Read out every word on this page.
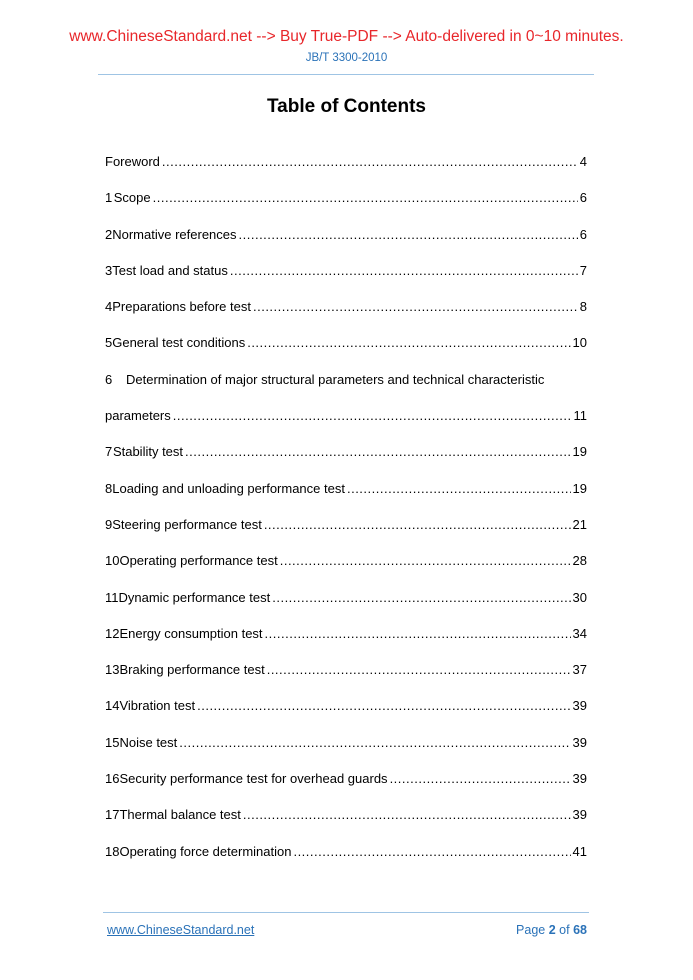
www.ChineseStandard.net --> Buy True-PDF --> Auto-delivered in 0~10 minutes.
JB/T 3300-2010
Table of Contents
Foreword .....	4
1 Scope .....	6
2 Normative references .....	6
3 Test load and status .....	7
4 Preparations before test .....	8
5 General test conditions .....	10
6	Determination of major structural parameters and technical characteristic
parameters .....	11
7 Stability test .....	19
8 Loading and unloading performance test .....	19
9 Steering performance test .....	21
10 Operating performance test .....	28
11 Dynamic performance test .....	30
12 Energy consumption test .....	34
13 Braking performance test .....	37
14 Vibration test .....	39
15 Noise test .....	39
16 Security performance test for overhead guards .....	39
17 Thermal balance test .....	39
18 Operating force determination .....	41
www.ChineseStandard.net	Page 2 of 68
